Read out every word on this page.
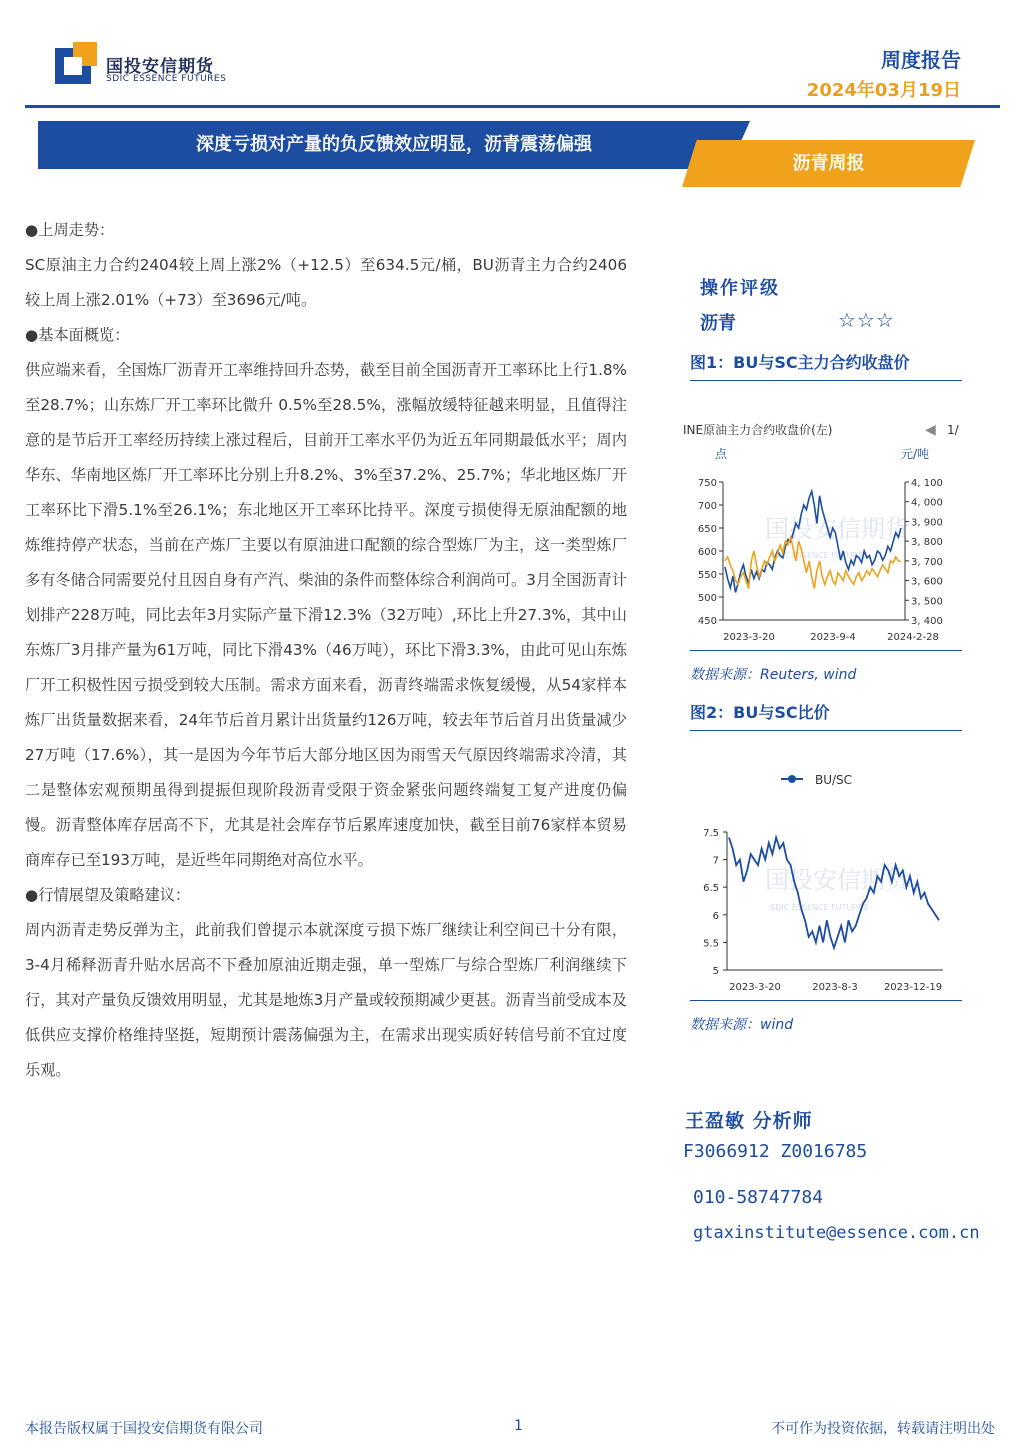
国投安信期货
SDIC ESSENCE FUTURES
周度报告
2024年03月19日
深度亏损对产量的负反馈效应明显，沥青震荡偏强
沥青周报

●上周走势：

SC原油主力合约2404较上周上涨2%（+12.5）至634.5元/桶，BU沥青主力合约2406较上周上涨2.01%（+73）至3696元/吨。

●基本面概览：

供应端来看，全国炼厂沥青开工率维持回升态势，截至目前全国沥青开工率环比上行1.8%至28.7%；山东炼厂开工率环比微升 0.5%至28.5%，涨幅放缓特征越来明显，且值得注意的是节后开工率经历持续上涨过程后，目前开工率水平仍为近五年同期最低水平；周内华东、华南地区炼厂开工率环比分别上升8.2%、3%至37.2%、25.7%；华北地区炼厂开工率环比下滑5.1%至26.1%；东北地区开工率环比持平。深度亏损使得无原油配额的地炼维持停产状态，当前在产炼厂主要以有原油进口配额的综合型炼厂为主，这一类型炼厂多有冬储合同需要兑付且因自身有产汽、柴油的条件而整体综合利润尚可。3月全国沥青计划排产228万吨，同比去年3月实际产量下滑12.3%（32万吨）,环比上升27.3%，其中山东炼厂3月排产量为61万吨，同比下滑43%（46万吨），环比下滑3.3%，由此可见山东炼厂开工积极性因亏损受到较大压制。需求方面来看，沥青终端需求恢复缓慢，从54家样本炼厂出货量数据来看，24年节后首月累计出货量约126万吨，较去年节后首月出货量减少27万吨（17.6%），其一是因为今年节后大部分地区因为雨雪天气原因终端需求冷清，其二是整体宏观预期虽得到提振但现阶段沥青受限于资金紧张问题终端复工复产进度仍偏慢。沥青整体库存居高不下，尤其是社会库存节后累库速度加快，截至目前76家样本贸易商库存已至193万吨，是近些年同期绝对高位水平。

●行情展望及策略建议：

周内沥青走势反弹为主，此前我们曾提示本就深度亏损下炼厂继续让利空间已十分有限，3-4月稀释沥青升贴水居高不下叠加原油近期走强，单一型炼厂与综合型炼厂利润继续下行，其对产量负反馈效用明显，尤其是地炼3月产量或较预期减少更甚。沥青当前受成本及低供应支撑价格维持坚挺，短期预计震荡偏强为主，在需求出现实质好转信号前不宜过度乐观。

操作评级
沥青	☆☆☆
图1：BU与SC主力合约收盘价
INE原油主力合约收盘价(左)	◀ 1/
点	元/吨
国投安信期货
SDIC ESSENCE FUTURES
450
500
550
600
650
700
750
3, 400
3, 500
3, 600
3, 700
3, 800
3, 900
4, 000
4, 100
2023-3-20	2023-9-4	2024-2-28
数据来源：Reuters, wind
图2：BU与SC比价
BU/SC
国投安信期货
SDIC ESSENCE FUTURES
5
5.5
6
6.5
7
7.5
2023-3-20	2023-8-3	2023-12-19
数据来源：wind
王盈敏 分析师
F3066912 Z0016785
010-58747784
gtaxinstitute@essence.com.cn
本报告版权属于国投安信期货有限公司	1	不可作为投资依据，转载请注明出处
